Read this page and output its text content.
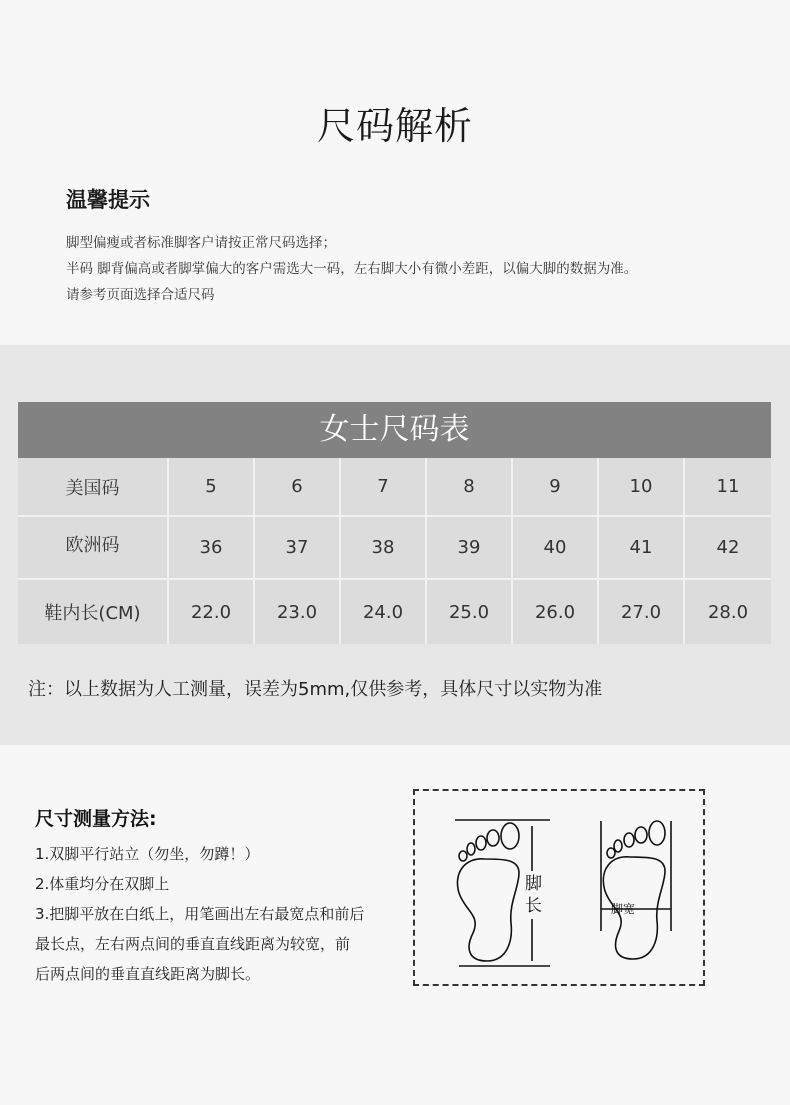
尺码解析
温馨提示
脚型偏瘦或者标准脚客户请按正常尺码选择；
半码 脚背偏高或者脚掌偏大的客户需选大一码，左右脚大小有微小差距，以偏大脚的数据为准。
请参考页面选择合适尺码
女士尺码表
美国码	5	6	7	8	9	10	11
欧洲码	36	37	38	39	40	41	42
鞋内长(CM)	22.0	23.0	24.0	25.0	26.0	27.0	28.0
注：以上数据为人工测量，误差为5mm,仅供参考，具体尺寸以实物为准
尺寸测量方法:
1.双脚平行站立（勿坐，勿蹲！）
2.体重均分在双脚上
3.把脚平放在白纸上，用笔画出左右最宽点和前后
最长点，左右两点间的垂直直线距离为较宽，前
后两点间的垂直直线距离为脚长。
脚
长	脚宽
